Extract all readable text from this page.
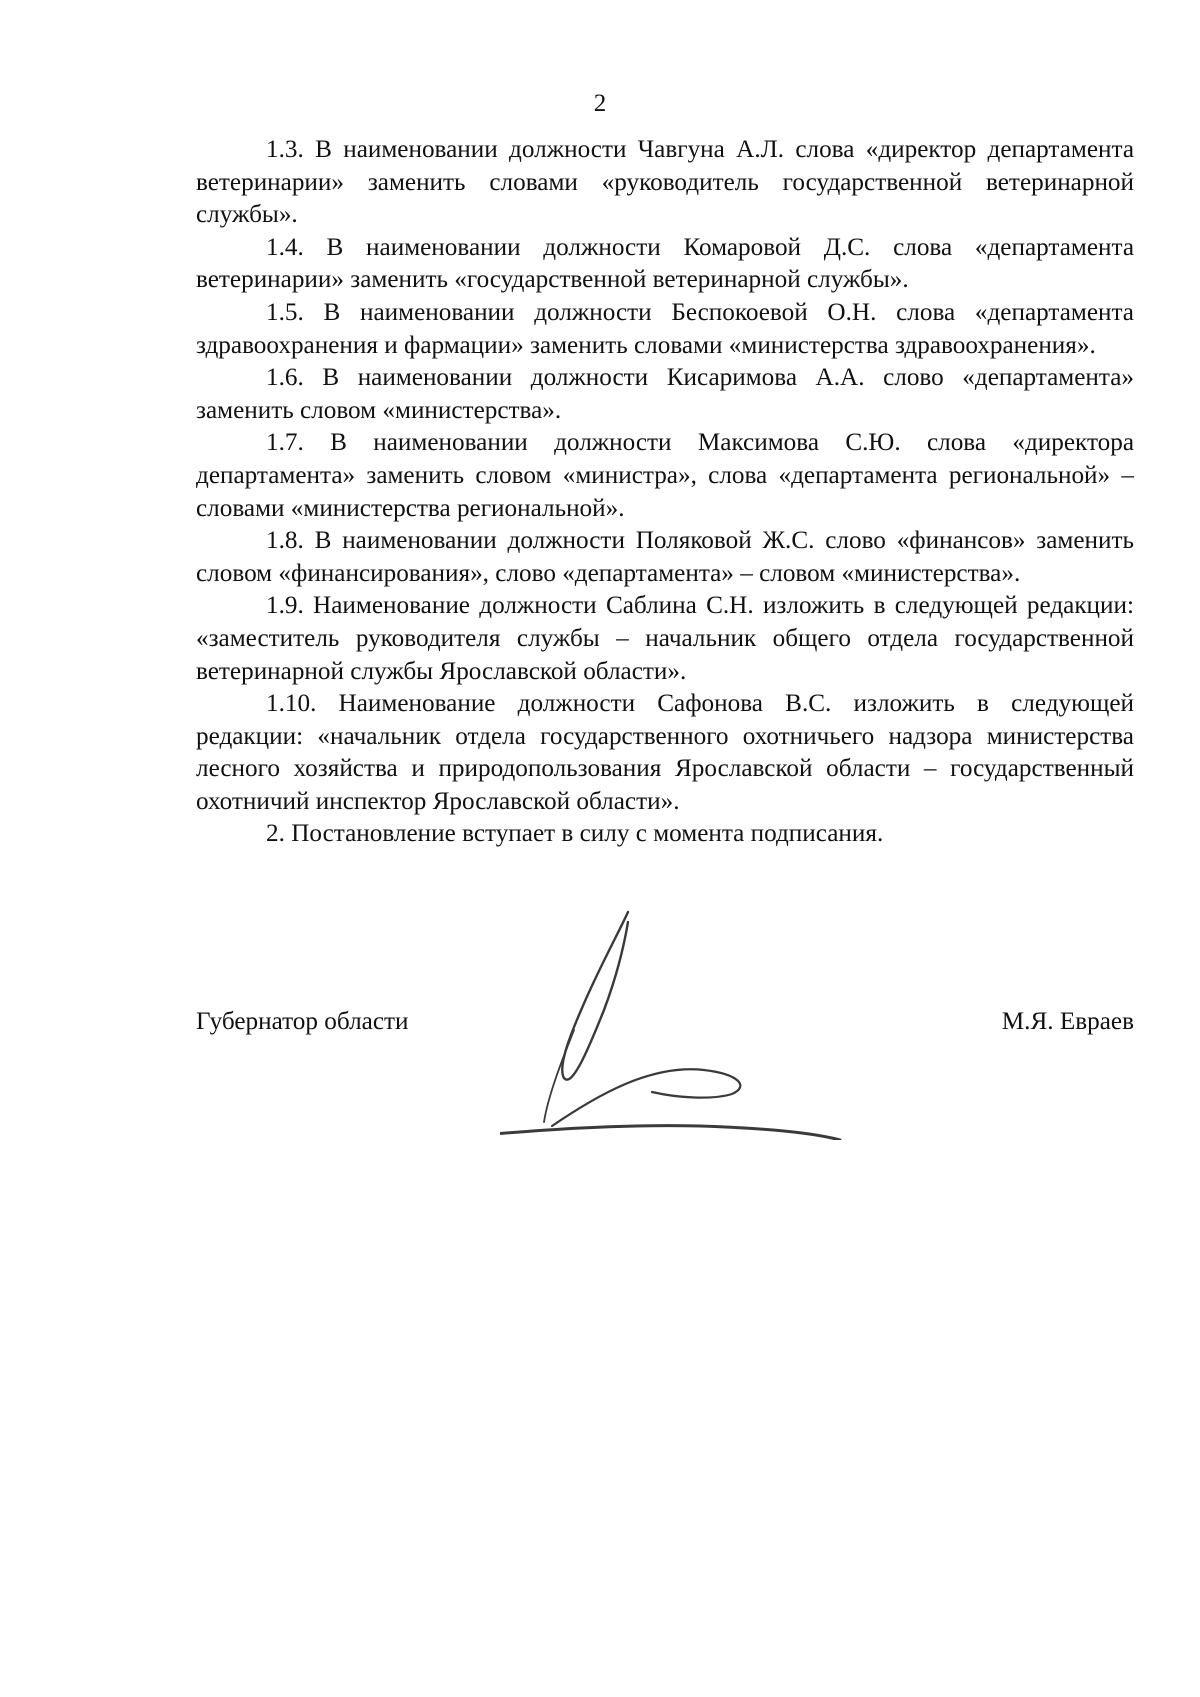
2

1.3. В наименовании должности Чавгуна А.Л. слова «директор департамента ветеринарии» заменить словами «руководитель государственной ветеринарной службы».

1.4. В наименовании должности Комаровой Д.С. слова «департамента ветеринарии» заменить «государственной ветеринарной службы».

1.5. В наименовании должности Беспокоевой О.Н. слова «департамента здравоохранения и фармации» заменить словами «министерства здравоохранения».

1.6. В наименовании должности Кисаримова А.А. слово «департамента» заменить словом «министерства».

1.7. В наименовании должности Максимова С.Ю. слова «директора департамента» заменить словом «министра», слова «департамента региональной» – словами «министерства региональной».

1.8. В наименовании должности Поляковой Ж.С. слово «финансов» заменить словом «финансирования», слово «департамента» – словом «министерства».

1.9. Наименование должности Саблина С.Н. изложить в следующей редакции: «заместитель руководителя службы – начальник общего отдела государственной ветеринарной службы Ярославской области».

1.10. Наименование должности Сафонова В.С. изложить в следующей редакции: «начальник отдела государственного охотничьего надзора министерства лесного хозяйства и природопользования Ярославской области – государственный охотничий инспектор Ярославской области».

2. Постановление вступает в силу с момента подписания.

Губернатор области	М.Я. Евраев
